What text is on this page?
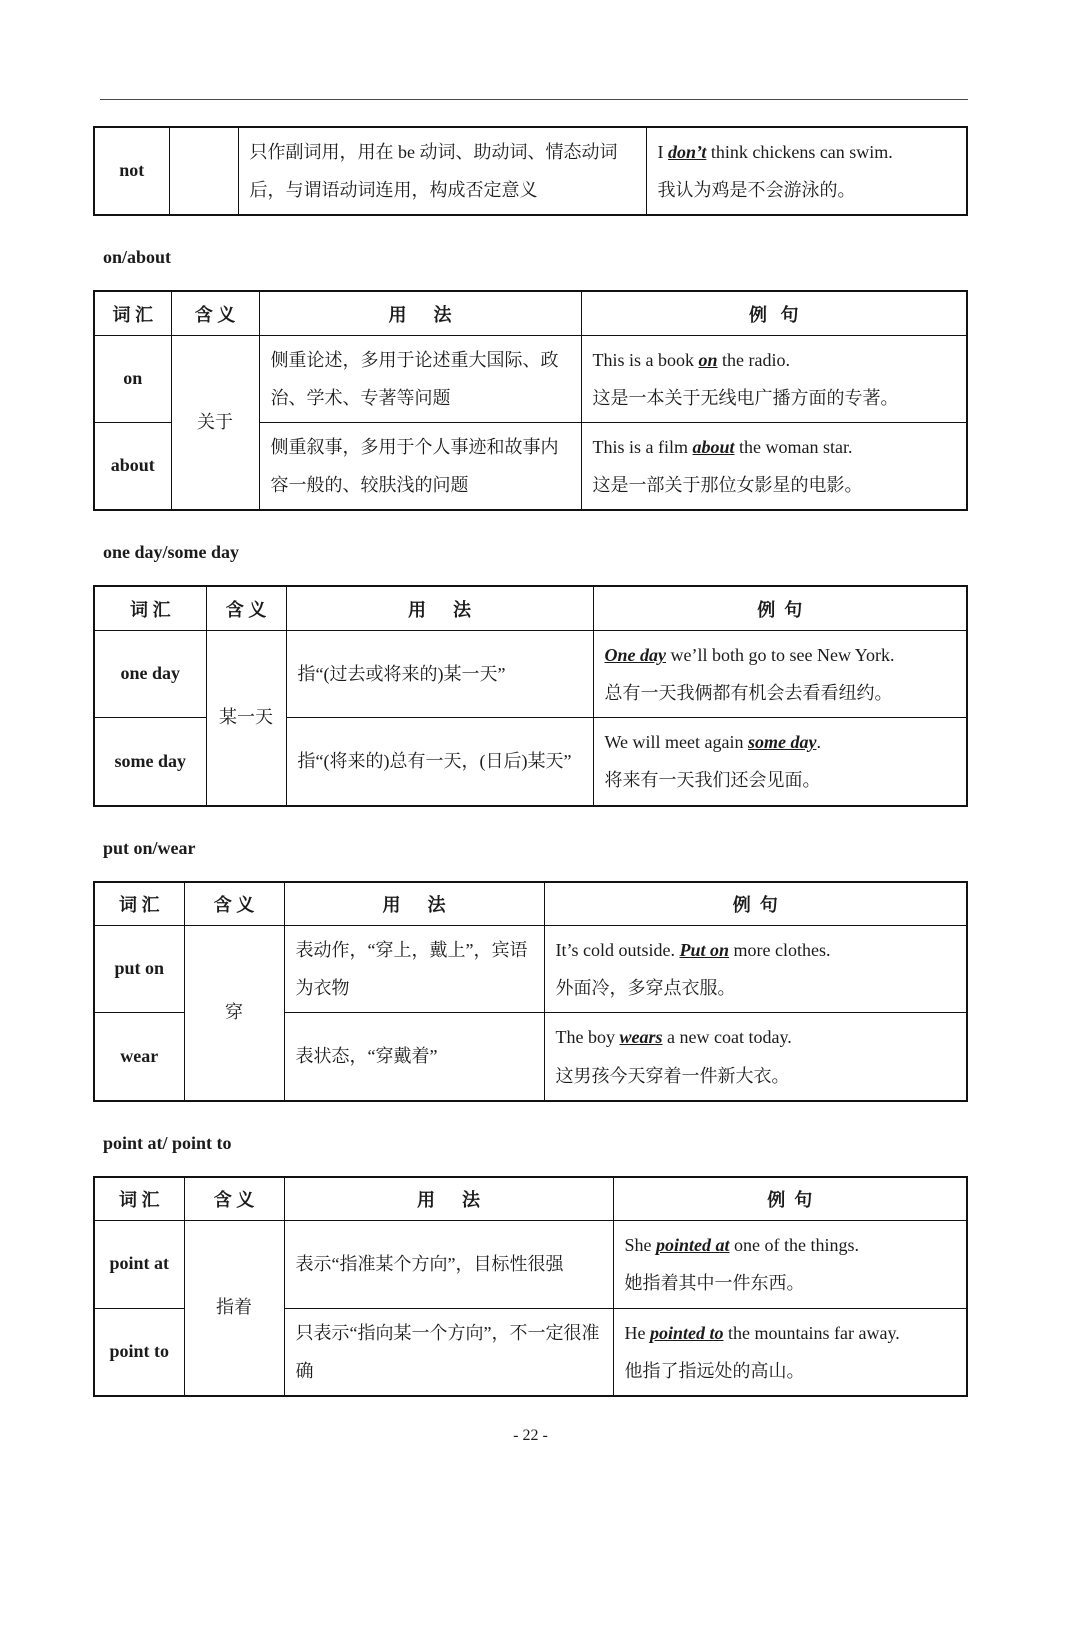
not		只作副词用，用在 be 动词、助动词、情态动词后，与谓语动词连用，构成否定意义	
I don’t think chickens can swim.
我认为鸡是不会游泳的。
on/about
词 汇	含 义	用      法	例   句
on	关于	侧重论述，多用于论述重大国际、政治、学术、专著等问题	This is a book on the radio.
这是一本关于无线电广播方面的专著。

about		侧重叙事，多用于个人事迹和故事内容一般的、较肤浅的问题	This is a film about the woman star.
这是一部关于那位女影星的电影。
one day/some day
词 汇	含 义	用      法	例  句
one day	某一天	指“(过去或将来的)某一天”	One day we’ll both go to see New York.
总有一天我俩都有机会去看看纽约。

some day		指“(将来的)总有一天，(日后)某天”	We will meet again some day.
将来有一天我们还会见面。
put on/wear
词 汇	含 义	用      法	例  句
put on	穿	表动作，“穿上，戴上”，宾语为衣物	It’s cold outside. Put on more clothes.
外面冷，多穿点衣服。

wear		表状态，“穿戴着”	The boy wears a new coat today.
这男孩今天穿着一件新大衣。
point at/ point to
词 汇	含 义	用      法	例  句
point at	指着	表示“指准某个方向”，目标性很强	She pointed at one of the things.
她指着其中一件东西。

point to		只表示“指向某一个方向”，不一定很准确	He pointed to the mountains far away.
他指了指远处的高山。
- 22 -
